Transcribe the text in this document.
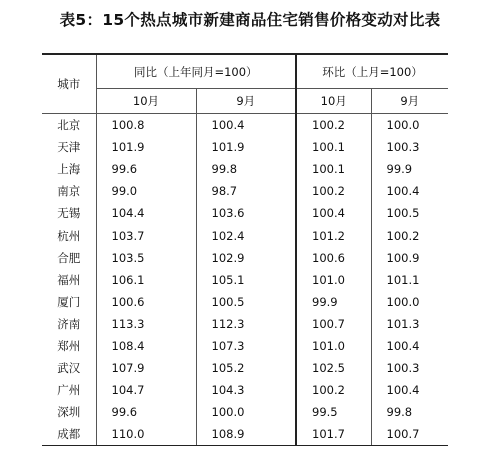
表5：15个热点城市新建商品住宅销售价格变动对比表
城市	同比（上年同月=100）		环比（上月=100）	
	10月	9月	10月	9月
北京	100.8	100.4	100.2	100.0
天津	101.9	101.9	100.1	100.3
上海	99.6	99.8	100.1	99.9
南京	99.0	98.7	100.2	100.4
无锡	104.4	103.6	100.4	100.5
杭州	103.7	102.4	101.2	100.2
合肥	103.5	102.9	100.6	100.9
福州	106.1	105.1	101.0	101.1
厦门	100.6	100.5	99.9	100.0
济南	113.3	112.3	100.7	101.3
郑州	108.4	107.3	101.0	100.4
武汉	107.9	105.2	102.5	100.3
广州	104.7	104.3	100.2	100.4
深圳	99.6	100.0	99.5	99.8
成都	110.0	108.9	101.7	100.7
